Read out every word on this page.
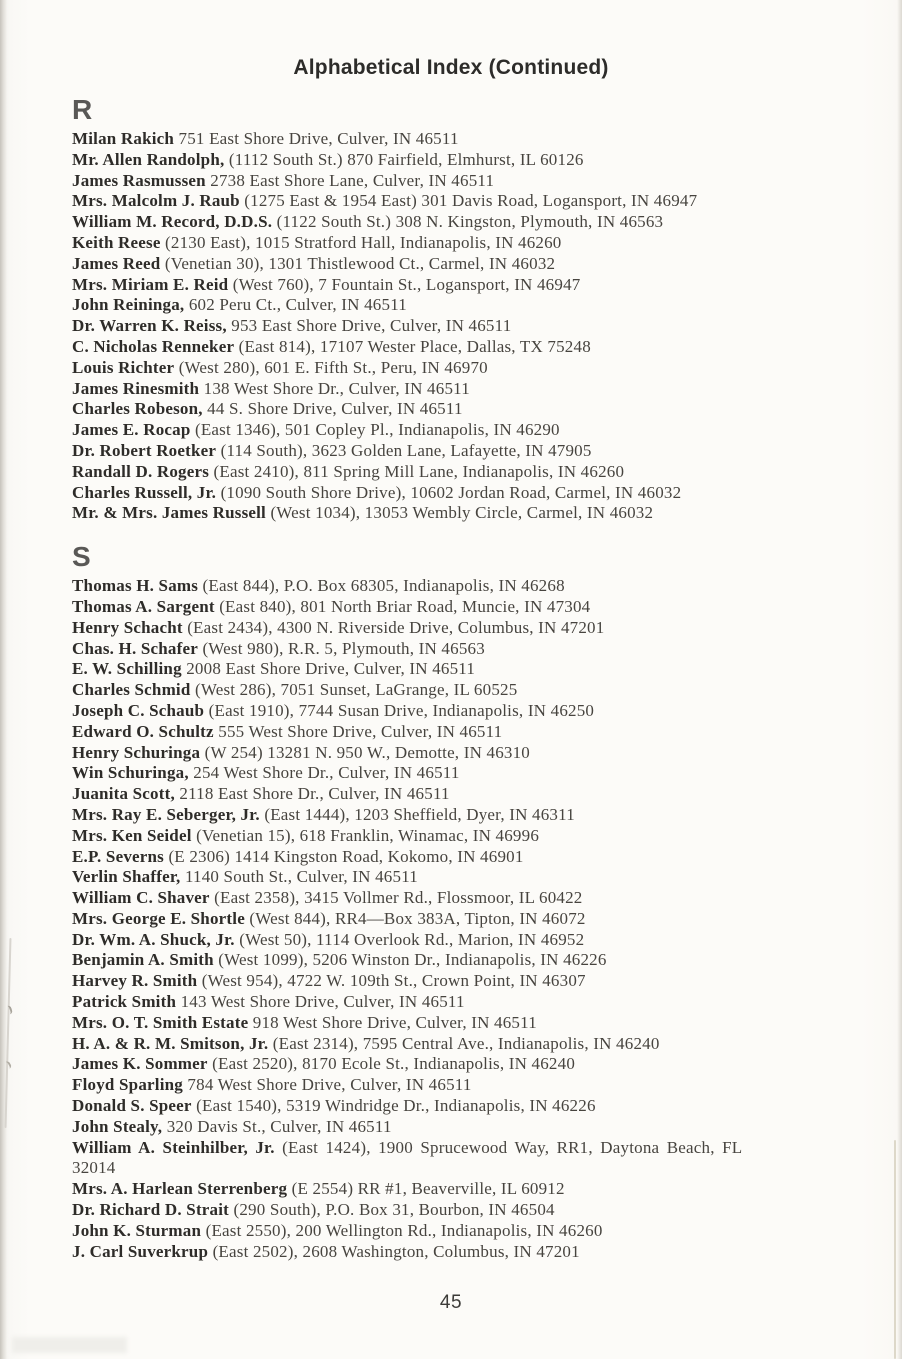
Alphabetical Index (Continued)
R
Milan Rakich 751 East Shore Drive, Culver, IN 46511
Mr. Allen Randolph, (1112 South St.) 870 Fairfield, Elmhurst, IL 60126
James Rasmussen 2738 East Shore Lane, Culver, IN 46511
Mrs. Malcolm J. Raub (1275 East & 1954 East) 301 Davis Road, Logansport, IN 46947
William M. Record, D.D.S. (1122 South St.) 308 N. Kingston, Plymouth, IN 46563
Keith Reese (2130 East), 1015 Stratford Hall, Indianapolis, IN 46260
James Reed (Venetian 30), 1301 Thistlewood Ct., Carmel, IN 46032
Mrs. Miriam E. Reid (West 760), 7 Fountain St., Logansport, IN 46947
John Reininga, 602 Peru Ct., Culver, IN 46511
Dr. Warren K. Reiss, 953 East Shore Drive, Culver, IN 46511
C. Nicholas Renneker (East 814), 17107 Wester Place, Dallas, TX 75248
Louis Richter (West 280), 601 E. Fifth St., Peru, IN 46970
James Rinesmith 138 West Shore Dr., Culver, IN 46511
Charles Robeson, 44 S. Shore Drive, Culver, IN 46511
James E. Rocap (East 1346), 501 Copley Pl., Indianapolis, IN 46290
Dr. Robert Roetker (114 South), 3623 Golden Lane, Lafayette, IN 47905
Randall D. Rogers (East 2410), 811 Spring Mill Lane, Indianapolis, IN 46260
Charles Russell, Jr. (1090 South Shore Drive), 10602 Jordan Road, Carmel, IN 46032
Mr. & Mrs. James Russell (West 1034), 13053 Wembly Circle, Carmel, IN 46032
S
Thomas H. Sams (East 844), P.O. Box 68305, Indianapolis, IN 46268
Thomas A. Sargent (East 840), 801 North Briar Road, Muncie, IN 47304
Henry Schacht (East 2434), 4300 N. Riverside Drive, Columbus, IN 47201
Chas. H. Schafer (West 980), R.R. 5, Plymouth, IN 46563
E. W. Schilling 2008 East Shore Drive, Culver, IN 46511
Charles Schmid (West 286), 7051 Sunset, LaGrange, IL 60525
Joseph C. Schaub (East 1910), 7744 Susan Drive, Indianapolis, IN 46250
Edward O. Schultz 555 West Shore Drive, Culver, IN 46511
Henry Schuringa (W 254) 13281 N. 950 W., Demotte, IN 46310
Win Schuringa, 254 West Shore Dr., Culver, IN 46511
Juanita Scott, 2118 East Shore Dr., Culver, IN 46511
Mrs. Ray E. Seberger, Jr. (East 1444), 1203 Sheffield, Dyer, IN 46311
Mrs. Ken Seidel (Venetian 15), 618 Franklin, Winamac, IN 46996
E.P. Severns (E 2306) 1414 Kingston Road, Kokomo, IN 46901
Verlin Shaffer, 1140 South St., Culver, IN 46511
William C. Shaver (East 2358), 3415 Vollmer Rd., Flossmoor, IL 60422
Mrs. George E. Shortle (West 844), RR4—Box 383A, Tipton, IN 46072
Dr. Wm. A. Shuck, Jr. (West 50), 1114 Overlook Rd., Marion, IN 46952
Benjamin A. Smith (West 1099), 5206 Winston Dr., Indianapolis, IN 46226
Harvey R. Smith (West 954), 4722 W. 109th St., Crown Point, IN 46307
Patrick Smith 143 West Shore Drive, Culver, IN 46511
Mrs. O. T. Smith Estate 918 West Shore Drive, Culver, IN 46511
H. A. & R. M. Smitson, Jr. (East 2314), 7595 Central Ave., Indianapolis, IN 46240
James K. Sommer (East 2520), 8170 Ecole St., Indianapolis, IN 46240
Floyd Sparling 784 West Shore Drive, Culver, IN 46511
Donald S. Speer (East 1540), 5319 Windridge Dr., Indianapolis, IN 46226
John Stealy, 320 Davis St., Culver, IN 46511
William A. Steinhilber, Jr. (East 1424), 1900 Sprucewood Way, RR1, Daytona Beach, FL
32014
Mrs. A. Harlean Sterrenberg (E 2554) RR #1, Beaverville, IL 60912
Dr. Richard D. Strait (290 South), P.O. Box 31, Bourbon, IN 46504
John K. Sturman (East 2550), 200 Wellington Rd., Indianapolis, IN 46260
J. Carl Suverkrup (East 2502), 2608 Washington, Columbus, IN 47201
45
